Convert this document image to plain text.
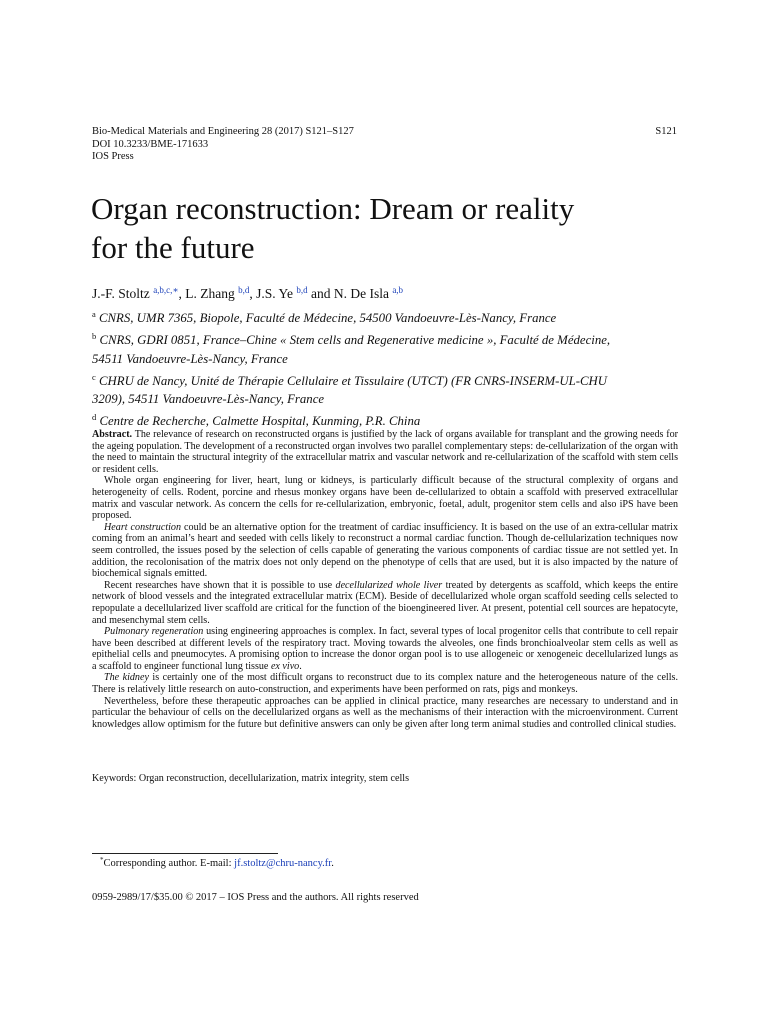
Bio-Medical Materials and Engineering 28 (2017) S121–S127
DOI 10.3233/BME-171633
IOS Press
S121
Organ reconstruction: Dream or reality
for the future
J.-F. Stoltz $^{a,b,c,∗}$, L. Zhang $^{b,d}$, J.S. Ye $^{b,d}$ and N. De Isla $^{a,b}$
$^a$ CNRS, UMR 7365, Biopole, Faculté de Médecine, 54500 Vandoeuvre-Lès-Nancy, France
$^b$ CNRS, GDRI 0851, France–Chine « Stem cells and Regenerative medicine », Faculté de Médecine,
54511 Vandoeuvre-Lès-Nancy, France
$^c$ CHRU de Nancy, Unité de Thérapie Cellulaire et Tissulaire (UTCT) (FR CNRS-INSERM-UL-CHU
3209), 54511 Vandoeuvre-Lès-Nancy, France
$^d$ Centre de Recherche, Calmette Hospital, Kunming, P.R. China

Abstract. The relevance of research on reconstructed organs is justified by the lack of organs available for transplant and the growing needs for the ageing population. The development of a reconstructed organ involves two parallel complementary steps: de-cellularization of the organ with the need to maintain the structural integrity of the extracellular matrix and vascular network and re-cellularization of the scaffold with stem cells or resident cells.

Whole organ engineering for liver, heart, lung or kidneys, is particularly difficult because of the structural complexity of organs and heterogeneity of cells. Rodent, porcine and rhesus monkey organs have been de-cellularized to obtain a scaffold with preserved extracellular matrix and vascular network. As concern the cells for re-cellularization, embryonic, foetal, adult, progenitor stem cells and also iPS have been proposed.

Heart construction could be an alternative option for the treatment of cardiac insufficiency. It is based on the use of an extra-cellular matrix coming from an animal’s heart and seeded with cells likely to reconstruct a normal cardiac function. Though de-cellularization techniques now seem controlled, the issues posed by the selection of cells capable of generating the various components of cardiac tissue are not settled yet. In addition, the recolonisation of the matrix does not only depend on the phenotype of cells that are used, but it is also impacted by the nature of biochemical signals emitted.

Recent researches have shown that it is possible to use decellularized whole liver treated by detergents as scaffold, which keeps the entire network of blood vessels and the integrated extracellular matrix (ECM). Beside of decellularized whole organ scaffold seeding cells selected to repopulate a decellularized liver scaffold are critical for the function of the bioengineered liver. At present, potential cell sources are hepatocyte, and mesenchymal stem cells.

Pulmonary regeneration using engineering approaches is complex. In fact, several types of local progenitor cells that contribute to cell repair have been described at different levels of the respiratory tract. Moving towards the alveoles, one finds bronchioalveolar stem cells as well as epithelial cells and pneumocytes. A promising option to increase the donor organ pool is to use allogeneic or xenogeneic decellularized lungs as a scaffold to engineer functional lung tissue ex vivo.

The kidney is certainly one of the most difficult organs to reconstruct due to its complex nature and the heterogeneous nature of the cells. There is relatively little research on auto-construction, and experiments have been performed on rats, pigs and monkeys.

Nevertheless, before these therapeutic approaches can be applied in clinical practice, many researches are necessary to understand and in particular the behaviour of cells on the decellularized organs as well as the mechanisms of their interaction with the microenvironment. Current knowledges allow optimism for the future but definitive answers can only be given after long term animal studies and controlled clinical studies.

Keywords: Organ reconstruction, decellularization, matrix integrity, stem cells
*Corresponding author. E-mail: jf.stoltz@chru-nancy.fr.
0959-2989/17/$35.00 © 2017 – IOS Press and the authors. All rights reserved
